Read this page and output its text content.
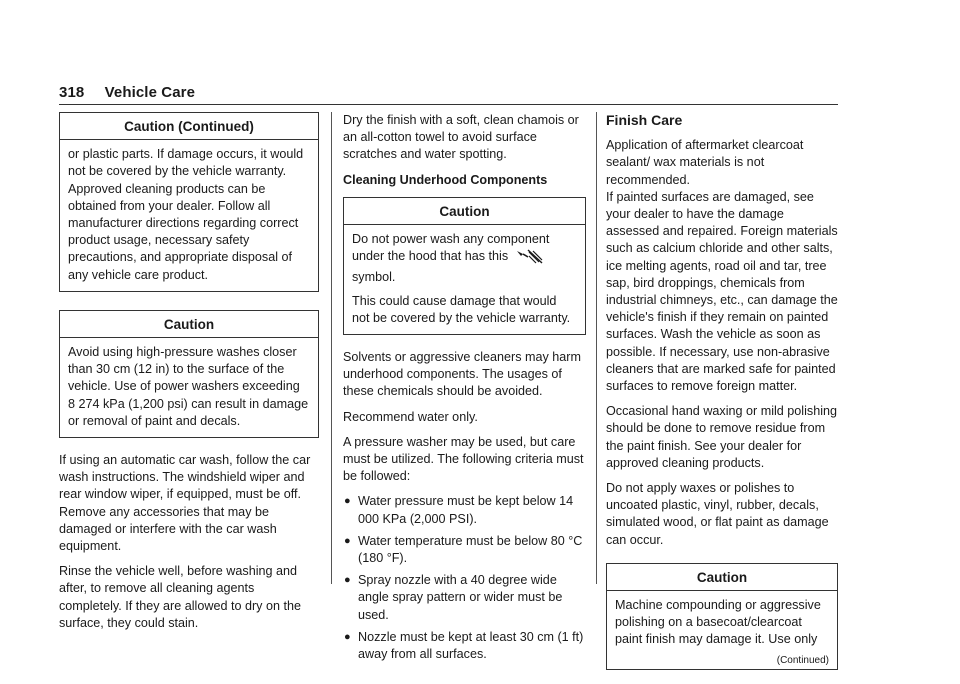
318 Vehicle Care
Caution (Continued)

or plastic parts. If damage occurs, it would not be covered by the vehicle warranty. Approved cleaning products can be obtained from your dealer. Follow all manufacturer directions regarding correct product usage, necessary safety precautions, and appropriate disposal of any vehicle care product.

Caution

Avoid using high-pressure washes closer than 30 cm (12 in) to the surface of the vehicle. Use of power washers exceeding 8 274 kPa (1,200 psi) can result in damage or removal of paint and decals.

If using an automatic car wash, follow the car wash instructions. The windshield wiper and rear window wiper, if equipped, must be off. Remove any accessories that may be damaged or interfere with the car wash equipment.

Rinse the vehicle well, before washing and after, to remove all cleaning agents completely. If they are allowed to dry on the surface, they could stain.

Dry the finish with a soft, clean chamois or an all-cotton towel to avoid surface scratches and water spotting.

Cleaning Underhood Components
Caution

Do not power wash any component under the hood that has this
symbol.

This could cause damage that would not be covered by the vehicle warranty.

Solvents or aggressive cleaners may harm underhood components. The usages of these chemicals should be avoided.

Recommend water only.

A pressure washer may be used, but care must be utilized. The following criteria must be followed:

● Water pressure must be kept below 14 000 KPa (2,000 PSI).
● Water temperature must be below 80 °C (180 °F).
● Spray nozzle with a 40 degree wide angle spray pattern or wider must be used.
● Nozzle must be kept at least 30 cm (1 ft) away from all surfaces.
Finish Care

Application of aftermarket clearcoat sealant/ wax materials is not recommended.

If painted surfaces are damaged, see your dealer to have the damage assessed and repaired. Foreign materials such as calcium chloride and other salts, ice melting agents, road oil and tar, tree sap, bird droppings, chemicals from industrial chimneys, etc., can damage the vehicle's finish if they remain on painted surfaces. Wash the vehicle as soon as possible. If necessary, use non-abrasive cleaners that are marked safe for painted surfaces to remove foreign matter.

Occasional hand waxing or mild polishing should be done to remove residue from the paint finish. See your dealer for approved cleaning products.

Do not apply waxes or polishes to uncoated plastic, vinyl, rubber, decals, simulated wood, or flat paint as damage can occur.

Caution

Machine compounding or aggressive polishing on a basecoat/clearcoat paint finish may damage it. Use only

(Continued)
